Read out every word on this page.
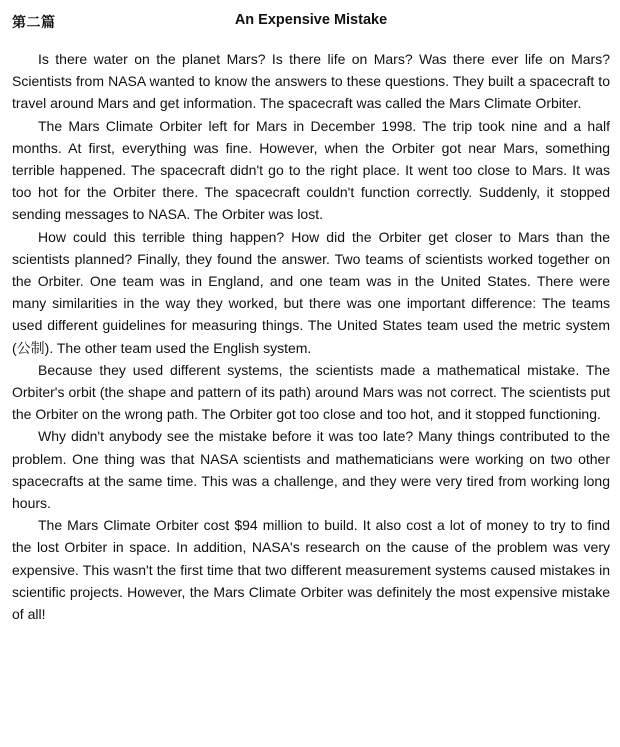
第二篇	An Expensive Mistake

Is there water on the planet Mars? Is there life on Mars? Was there ever life on Mars? Scientists from NASA wanted to know the answers to these questions. They built a spacecraft to travel around Mars and get information. The spacecraft was called the Mars Climate Orbiter.

The Mars Climate Orbiter left for Mars in December 1998. The trip took nine and a half months. At first, everything was fine. However, when the Orbiter got near Mars, something terrible happened. The spacecraft didn't go to the right place. It went too close to Mars. It was too hot for the Orbiter there. The spacecraft couldn't function correctly. Suddenly, it stopped sending messages to NASA. The Orbiter was lost.

How could this terrible thing happen? How did the Orbiter get closer to Mars than the scientists planned? Finally, they found the answer. Two teams of scientists worked together on the Orbiter. One team was in England, and one team was in the United States. There were many similarities in the way they worked, but there was one important difference: The teams used different guidelines for measuring things. The United States team used the metric system (公制). The other team used the English system.

Because they used different systems, the scientists made a mathematical mistake. The Orbiter's orbit (the shape and pattern of its path) around Mars was not correct. The scientists put the Orbiter on the wrong path. The Orbiter got too close and too hot, and it stopped functioning.

Why didn't anybody see the mistake before it was too late? Many things contributed to the problem. One thing was that NASA scientists and mathematicians were working on two other spacecrafts at the same time. This was a challenge, and they were very tired from working long hours.

The Mars Climate Orbiter cost $94 million to build. It also cost a lot of money to try to find the lost Orbiter in space. In addition, NASA's research on the cause of the problem was very expensive. This wasn't the first time that two different measurement systems caused mistakes in scientific projects. However, the Mars Climate Orbiter was definitely the most expensive mistake of all!
